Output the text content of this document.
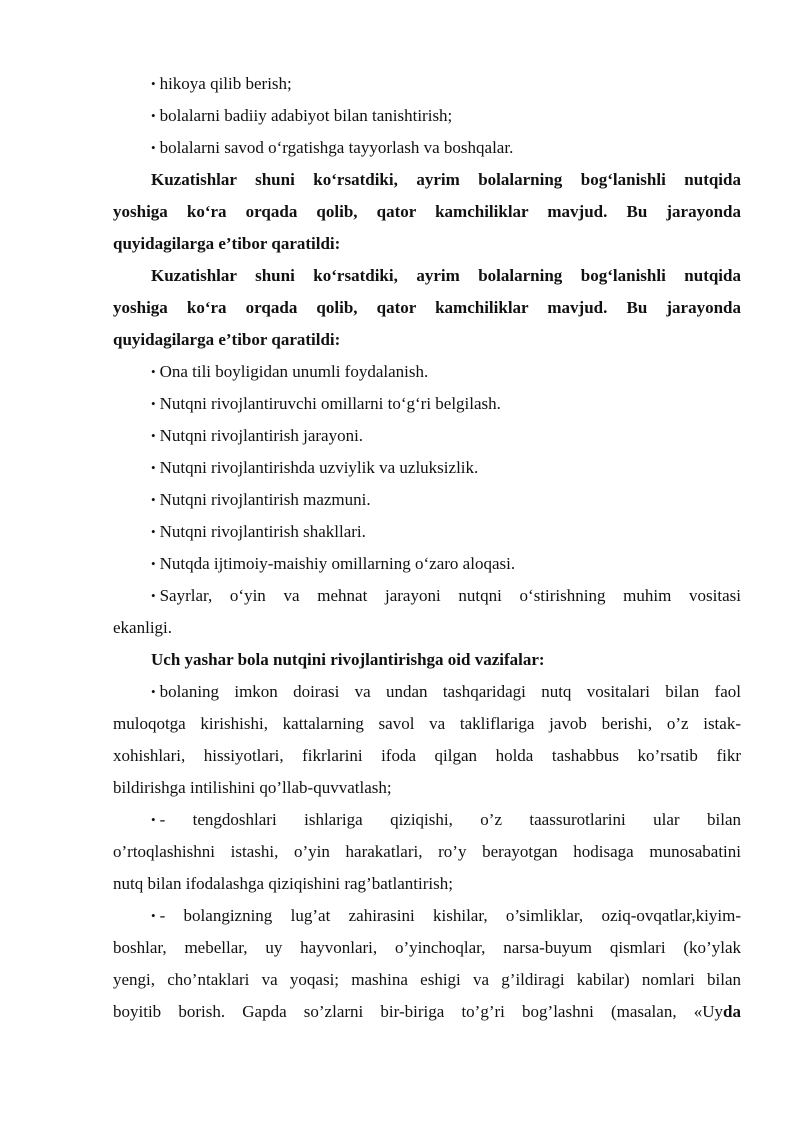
• hikoya qilib berish;
• bolalarni badiiy adabiyot bilan tanishtirish;
• bolalarni savod o‘rgatishga tayyorlash va boshqalar.
Kuzatishlar shuni ko‘rsatdiki, ayrim bolalarning bog‘lanishli nutqida
yoshiga ko‘ra orqada qolib, qator kamchiliklar mavjud. Bu jarayonda
quyidagilarga e’tibor qaratildi:
Kuzatishlar shuni ko‘rsatdiki, ayrim bolalarning bog‘lanishli nutqida
yoshiga ko‘ra orqada qolib, qator kamchiliklar mavjud. Bu jarayonda
quyidagilarga e’tibor qaratildi:
• Ona tili boyligidan unumli foydalanish.
• Nutqni rivojlantiruvchi omillarni to‘g‘ri belgilash.
• Nutqni rivojlantirish jarayoni.
• Nutqni rivojlantirishda uzviylik va uzluksizlik.
• Nutqni rivojlantirish mazmuni.
• Nutqni rivojlantirish shakllari.
• Nutqda ijtimoiy-maishiy omillarning o‘zaro aloqasi.
• Sayrlar, o‘yin va mehnat jarayoni nutqni o‘stirishning muhim vositasi
ekanligi.
Uch yashar bola nutqini rivojlantirishga oid vazifalar:
• bolaning imkon doirasi va undan tashqaridagi nutq vositalari bilan faol
muloqotga kirishishi, kattalarning savol va takliflariga javob berishi, o’z istak-
xohishlari, hissiyotlari, fikrlarini ifoda qilgan holda tashabbus ko’rsatib fikr
bildirishga intilishini qo’llab-quvvatlash;
• -   tengdoshlari   ishlariga   qiziqishi,   o’z   taassurotlarini   ular   bilan
o’rtoqlashishni istashi, o’yin harakatlari, ro’y berayotgan hodisaga munosabatini
nutq bilan ifodalashga qiziqishini rag’batlantirish;
• - bolangizning lug’at zahirasini kishilar, o’simliklar, oziq-ovqatlar,kiyim-
boshlar, mebellar, uy hayvonlari, o’yinchoqlar, narsa-buyum qismlari (ko’ylak
yengi, cho’ntaklari va yoqasi; mashina eshigi va g’ildiragi kabilar) nomlari bilan
boyitib borish. Gapda so’zlarni bir-biriga to’g’ri bog’lashni (masalan, «Uyda
